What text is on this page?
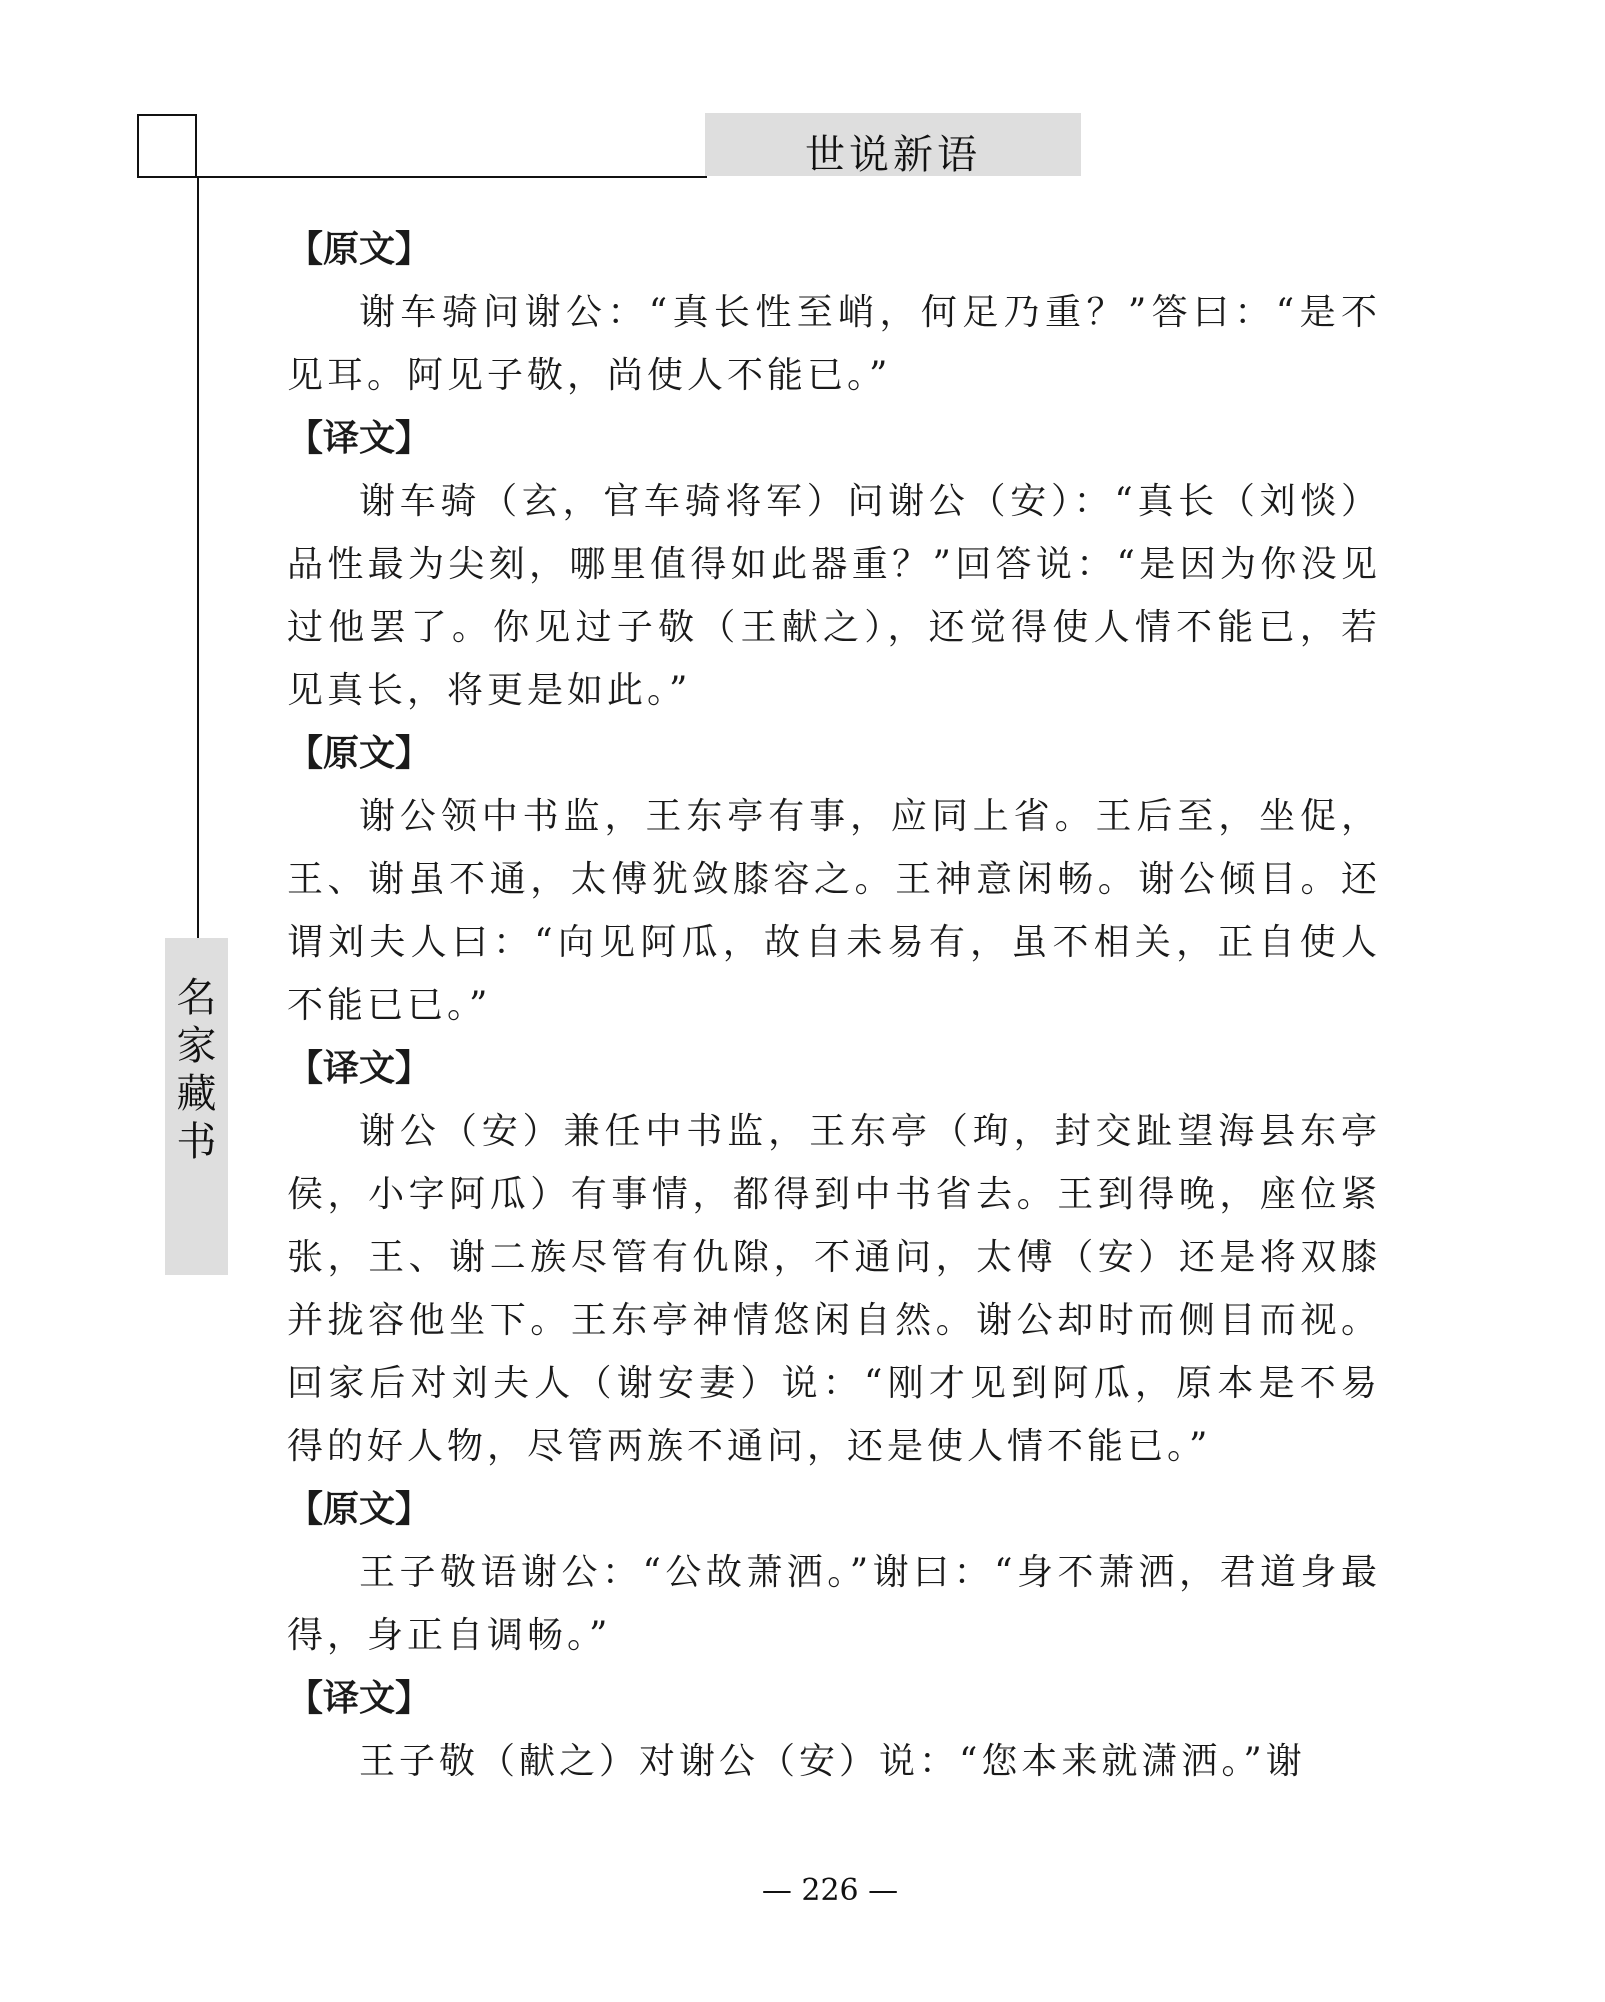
世说新语
名
家
藏
书

【原文】

谢车骑问谢公：“真长性至峭，何足乃重？”答曰：“是不见耳。阿见子敬，尚使人不能已。”

【译文】

谢车骑（玄，官车骑将军）问谢公（安）：“真长（刘惔）品性最为尖刻，哪里值得如此器重？”回答说：“是因为你没见过他罢了。你见过子敬（王献之），还觉得使人情不能已，若见真长，将更是如此。”

【原文】

谢公领中书监，王东亭有事，应同上省。王后至，坐促，王、谢虽不通，太傅犹敛膝容之。王神意闲畅。谢公倾目。还谓刘夫人曰：“向见阿瓜，故自未易有，虽不相关，正自使人不能已已。”

【译文】

谢公（安）兼任中书监，王东亭（珣，封交趾望海县东亭侯，小字阿瓜）有事情，都得到中书省去。王到得晚，座位紧张，王、谢二族尽管有仇隙，不通问，太傅（安）还是将双膝并拢容他坐下。王东亭神情悠闲自然。谢公却时而侧目而视。回家后对刘夫人（谢安妻）说：“刚才见到阿瓜，原本是不易得的好人物，尽管两族不通问，还是使人情不能已。”

【原文】

王子敬语谢公：“公故萧洒。”谢曰：“身不萧洒，君道身最得，身正自调畅。”

【译文】

王子敬（献之）对谢公（安）说：“您本来就潇洒。”谢

— 226 —
